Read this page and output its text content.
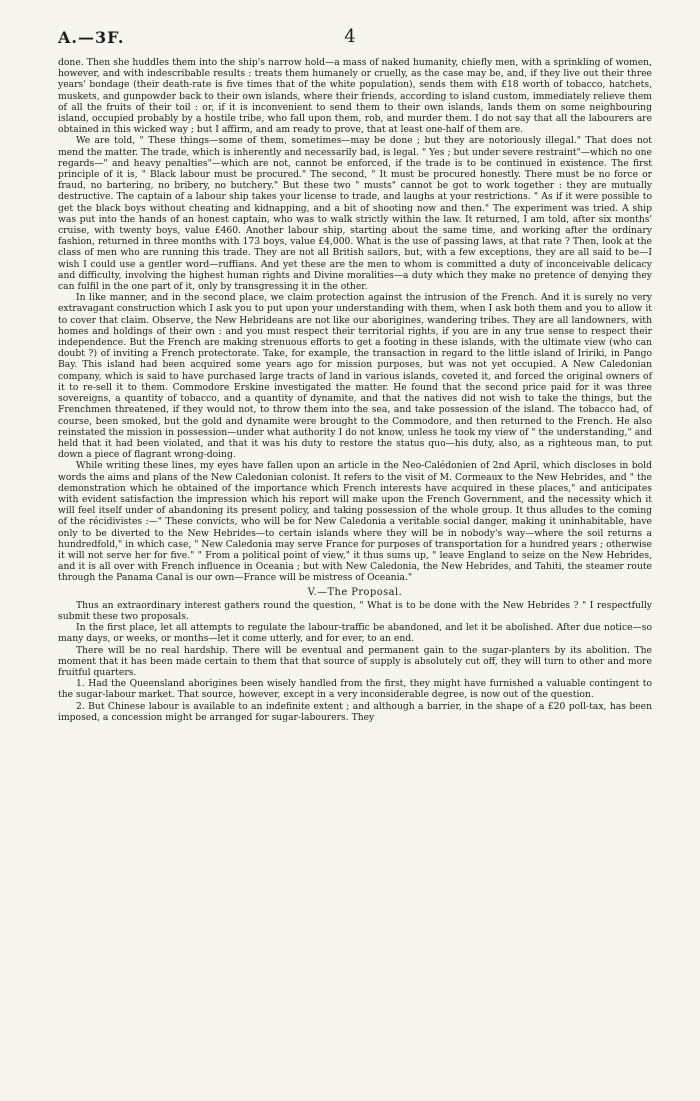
A.—3F.	4

done. Then she huddles them into the ship's narrow hold—a mass of naked humanity, chiefly men, with a sprinkling of women, however, and with indescribable results : treats them humanely or cruelly, as the case may be, and, if they live out their three years' bondage (their death-rate is five times that of the white population), sends them with £18 worth of tobacco, hatchets, muskets, and gunpowder back to their own islands, where their friends, according to island custom, immediately relieve them of all the fruits of their toil : or, if it is inconvenient to send them to their own islands, lands them on some neighbouring island, occupied probably by a hostile tribe, who fall upon them, rob, and murder them. I do not say that all the labourers are obtained in this wicked way ; but I affirm, and am ready to prove, that at least one-half of them are.

We are told, " These things—some of them, sometimes—may be done ; but they are notoriously illegal." That does not mend the matter. The trade, which is inherently and necessarily bad, is legal. " Yes ; but under severe restraint"—which no one regards—" and heavy penalties"—which are not, cannot be enforced, if the trade is to be continued in existence. The first principle of it is, " Black labour must be procured." The second, " It must be procured honestly. There must be no force or fraud, no bartering, no bribery, no butchery." But these two " musts" cannot be got to work together : they are mutually destructive. The captain of a labour ship takes your license to trade, and laughs at your restrictions. " As if it were possible to get the black boys without cheating and kidnapping, and a bit of shooting now and then." The experiment was tried. A ship was put into the hands of an honest captain, who was to walk strictly within the law. It returned, I am told, after six months' cruise, with twenty boys, value £460. Another labour ship, starting about the same time, and working after the ordinary fashion, returned in three months with 173 boys, value £4,000. What is the use of passing laws, at that rate ? Then, look at the class of men who are running this trade. They are not all British sailors, but, with a few exceptions, they are all said to be—I wish I could use a gentler word—ruffians. And yet these are the men to whom is committed a duty of inconceivable delicacy and difficulty, involving the highest human rights and Divine moralities—a duty which they make no pretence of denying they can fulfil in the one part of it, only by transgressing it in the other.

In like manner, and in the second place, we claim protection against the intrusion of the French. And it is surely no very extravagant construction which I ask you to put upon your understanding with them, when I ask both them and you to allow it to cover that claim. Observe, the New Hebrideans are not like our aborigines, wandering tribes. They are all landowners, with homes and holdings of their own : and you must respect their territorial rights, if you are in any true sense to respect their independence. But the French are making strenuous efforts to get a footing in these islands, with the ultimate view (who can doubt ?) of inviting a French protectorate. Take, for example, the transaction in regard to the little island of Iririki, in Pango Bay. This island had been acquired some years ago for mission purposes, but was not yet occupied. A New Caledonian company, which is said to have purchased large tracts of land in various islands, coveted it, and forced the original owners of it to re-sell it to them. Commodore Erskine investigated the matter. He found that the second price paid for it was three sovereigns, a quantity of tobacco, and a quantity of dynamite, and that the natives did not wish to take the things, but the Frenchmen threatened, if they would not, to throw them into the sea, and take possession of the island. The tobacco had, of course, been smoked, but the gold and dynamite were brought to the Commodore, and then returned to the French. He also reinstated the mission in possession—under what authority I do not know, unless he took my view of " the understanding," and held that it had been violated, and that it was his duty to restore the status quo—his duty, also, as a righteous man, to put down a piece of flagrant wrong-doing.

While writing these lines, my eyes have fallen upon an article in the Neo-Calédonien of 2nd April, which discloses in bold words the aims and plans of the New Caledonian colonist. It refers to the visit of M. Cormeaux to the New Hebrides, and " the demonstration which he obtained of the importance which French interests have acquired in these places," and anticipates with evident satisfaction the impression which his report will make upon the French Government, and the necessity which it will feel itself under of abandoning its present policy, and taking possession of the whole group. It thus alludes to the coming of the récidivistes :—" These convicts, who will be for New Caledonia a veritable social danger, making it uninhabitable, have only to be diverted to the New Hebrides—to certain islands where they will be in nobody's way—where the soil returns a hundredfold," in which case, " New Caledonia may serve France for purposes of transportation for a hundred years ; otherwise it will not serve her for five." " From a political point of view," it thus sums up, " leave England to seize on the New Hebrides, and it is all over with French influence in Oceania ; but with New Caledonia, the New Hebrides, and Tahiti, the steamer route through the Panama Canal is our own—France will be mistress of Oceania."

V.—The Proposal.

Thus an extraordinary interest gathers round the question, " What is to be done with the New Hebrides ? " I respectfully submit these two proposals.

In the first place, let all attempts to regulate the labour-traffic be abandoned, and let it be abolished. After due notice—so many days, or weeks, or months—let it come utterly, and for ever, to an end.

There will be no real hardship. There will be eventual and permanent gain to the sugar-planters by its abolition. The moment that it has been made certain to them that that source of supply is absolutely cut off, they will turn to other and more fruitful quarters.

1. Had the Queensland aborigines been wisely handled from the first, they might have furnished a valuable contingent to the sugar-labour market. That source, however, except in a very inconsiderable degree, is now out of the question.

2. But Chinese labour is available to an indefinite extent ; and although a barrier, in the shape of a £20 poll-tax, has been imposed, a concession might be arranged for sugar-labourers. They
